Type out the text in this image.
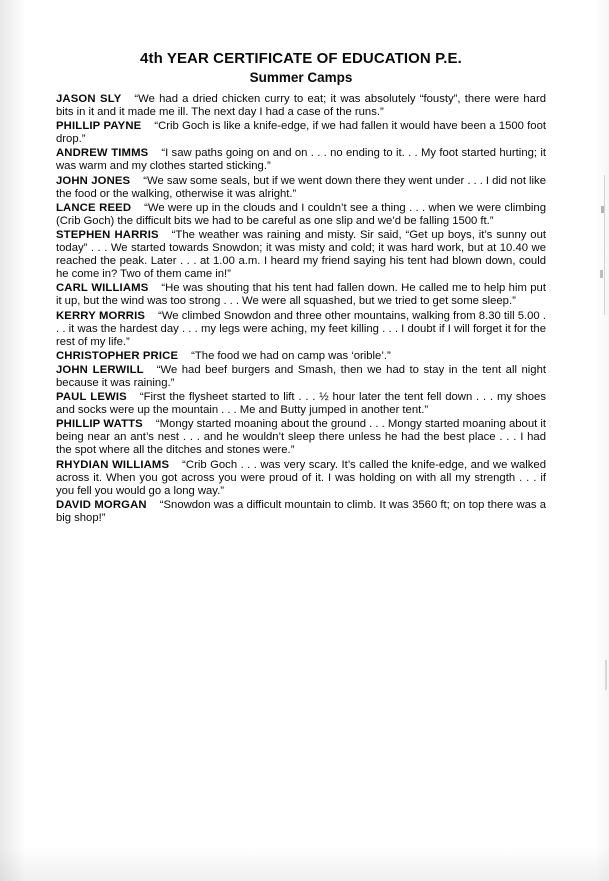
4th YEAR CERTIFICATE OF EDUCATION P.E.
Summer Camps
JASON SLY “We had a dried chicken curry to eat; it was absolutely “fousty”, there were hard bits in it and it made me ill. The next day I had a case of the runs.”
PHILLIP PAYNE “Crib Goch is like a knife-edge, if we had fallen it would have been a 1500 foot drop.”
ANDREW TIMMS “I saw paths going on and on . . . no ending to it. . . My foot started hurting; it was warm and my clothes started sticking.”
JOHN JONES “We saw some seals, but if we went down there they went under . . . I did not like the food or the walking, otherwise it was alright.”
LANCE REED “We were up in the clouds and I couldn’t see a thing . . . when we were climbing (Crib Goch) the difficult bits we had to be careful as one slip and we’d be falling 1500 ft.”
STEPHEN HARRIS “The weather was raining and misty. Sir said, “Get up boys, it’s sunny out today” . . . We started towards Snowdon; it was misty and cold; it was hard work, but at 10.40 we reached the peak. Later . . . at 1.00 a.m. I heard my friend saying his tent had blown down, could he come in? Two of them came in!”
CARL WILLIAMS “He was shouting that his tent had fallen down. He called me to help him put it up, but the wind was too strong . . . We were all squashed, but we tried to get some sleep.”
KERRY MORRIS “We climbed Snowdon and three other mountains, walking from 8.30 till 5.00 . . . it was the hardest day . . . my legs were aching, my feet killing . . . I doubt if I will forget it for the rest of my life.”
CHRISTOPHER PRICE “The food we had on camp was ‘orible’.”
JOHN LERWILL “We had beef burgers and Smash, then we had to stay in the tent all night because it was raining.”
PAUL LEWIS “First the flysheet started to lift . . . ½ hour later the tent fell down . . . my shoes and socks were up the mountain . . . Me and Butty jumped in another tent.”
PHILLIP WATTS “Mongy started moaning about the ground . . . Mongy started moaning about it being near an ant’s nest . . . and he wouldn’t sleep there unless he had the best place . . . I had the spot where all the ditches and stones were.”
RHYDIAN WILLIAMS “Crib Goch . . . was very scary. It’s called the knife-edge, and we walked across it. When you got across you were proud of it. I was holding on with all my strength . . . if you fell you would go a long way.”
DAVID MORGAN “Snowdon was a difficult mountain to climb. It was 3560 ft; on top there was a big shop!”
